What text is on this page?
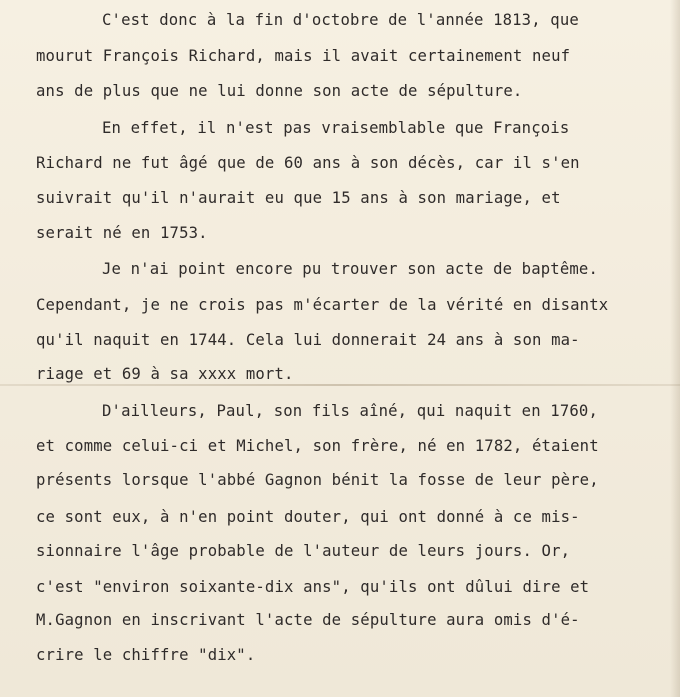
C'est donc à la fin d'octobre de l'année 1813, que
mourut François Richard, mais il avait certainement neuf
ans de plus que ne lui donne son acte de sépulture.
En effet, il n'est pas vraisemblable que François
Richard ne fut âgé que de 60 ans à son décès, car il s'en
suivrait qu'il n'aurait eu que 15 ans à son mariage, et
serait né en 1753.
Je n'ai point encore pu trouver son acte de baptême.
Cependant, je ne crois pas m'écarter de la vérité en disantx
qu'il naquit en 1744. Cela lui donnerait 24 ans à son ma-
riage et 69 à sa xxxx mort.
D'ailleurs, Paul, son fils aîné, qui naquit en 1760,
et comme celui-ci et Michel, son frère, né en 1782, étaient
présents lorsque l'abbé Gagnon bénit la fosse de leur père,
ce sont eux, à n'en point douter, qui ont donné à ce mis-
sionnaire l'âge probable de l'auteur de leurs jours. Or,
c'est "environ soixante-dix ans", qu'ils ont dûlui dire et
M.Gagnon en inscrivant l'acte de sépulture aura omis d'é-
crire le chiffre "dix".
